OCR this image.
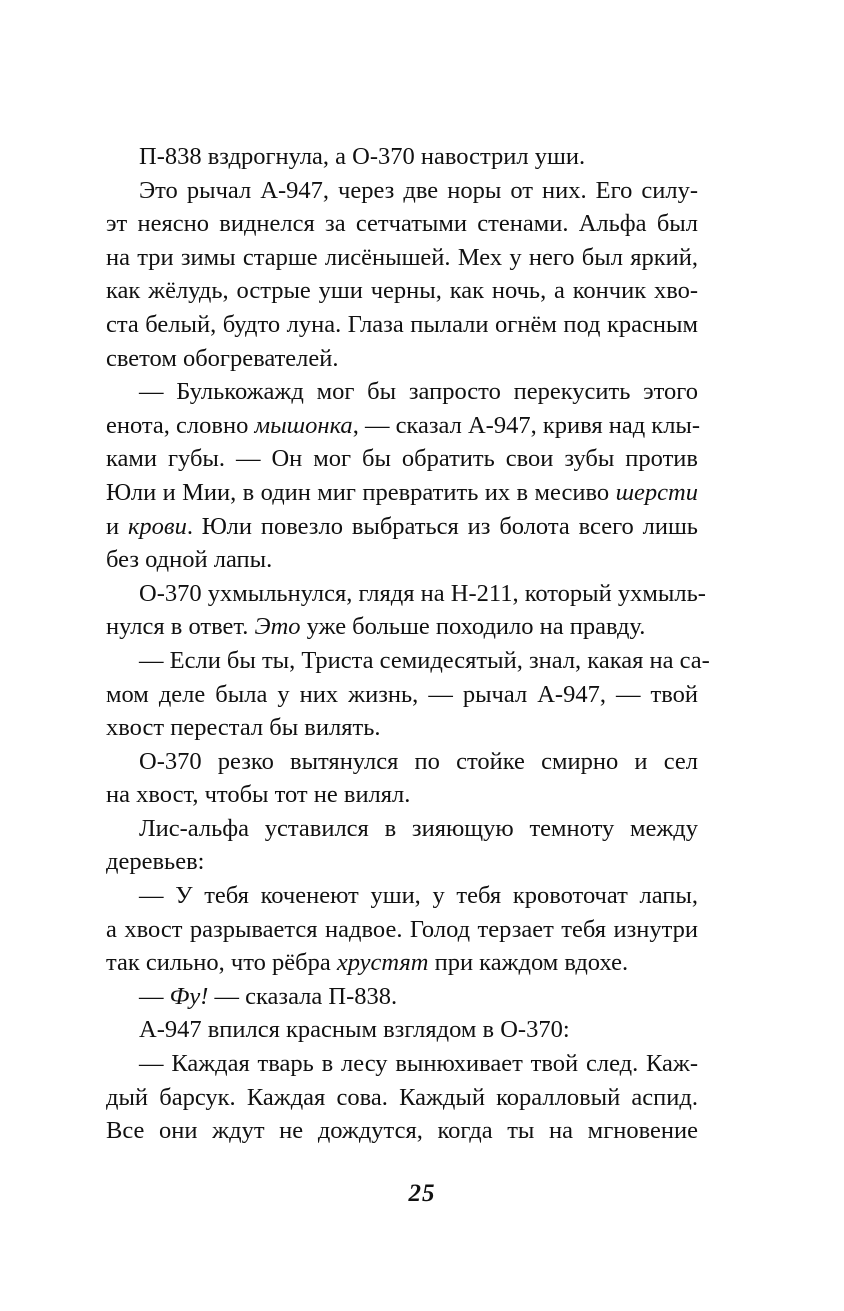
П-838 вздрогнула, а О-370 навострил уши.
Это рычал А-947, через две норы от них. Его силу-
эт неясно виднелся за сетчатыми стенами. Альфа был
на три зимы старше лисёнышей. Мех у него был яркий,
как жёлудь, острые уши черны, как ночь, а кончик хво-
ста белый, будто луна. Глаза пылали огнём под красным
светом обогревателей.
— Булькожажд мог бы запросто перекусить этого
енота, словно мышонка, — сказал А-947, кривя над клы-
ками губы. — Он мог бы обратить свои зубы против
Юли и Мии, в один миг превратить их в месиво шерсти
и крови. Юли повезло выбраться из болота всего лишь
без одной лапы.
О-370 ухмыльнулся, глядя на Н-211, который ухмыль-
нулся в ответ. Это уже больше походило на правду.
— Если бы ты, Триста семидесятый, знал, какая на са-
мом деле была у них жизнь, — рычал А-947, — твой
хвост перестал бы вилять.
О-370 резко вытянулся по стойке смирно и сел
на хвост, чтобы тот не вилял.
Лис-альфа уставился в зияющую темноту между
деревьев:
— У тебя коченеют уши, у тебя кровоточат лапы,
а хвост разрывается надвое. Голод терзает тебя изнутри
так сильно, что рёбра хрустят при каждом вдохе.
— Фу! — сказала П-838.
А-947 впился красным взглядом в О-370:
— Каждая тварь в лесу вынюхивает твой след. Каж-
дый барсук. Каждая сова. Каждый коралловый аспид.
Все они ждут не дождутся, когда ты на мгновение
25
